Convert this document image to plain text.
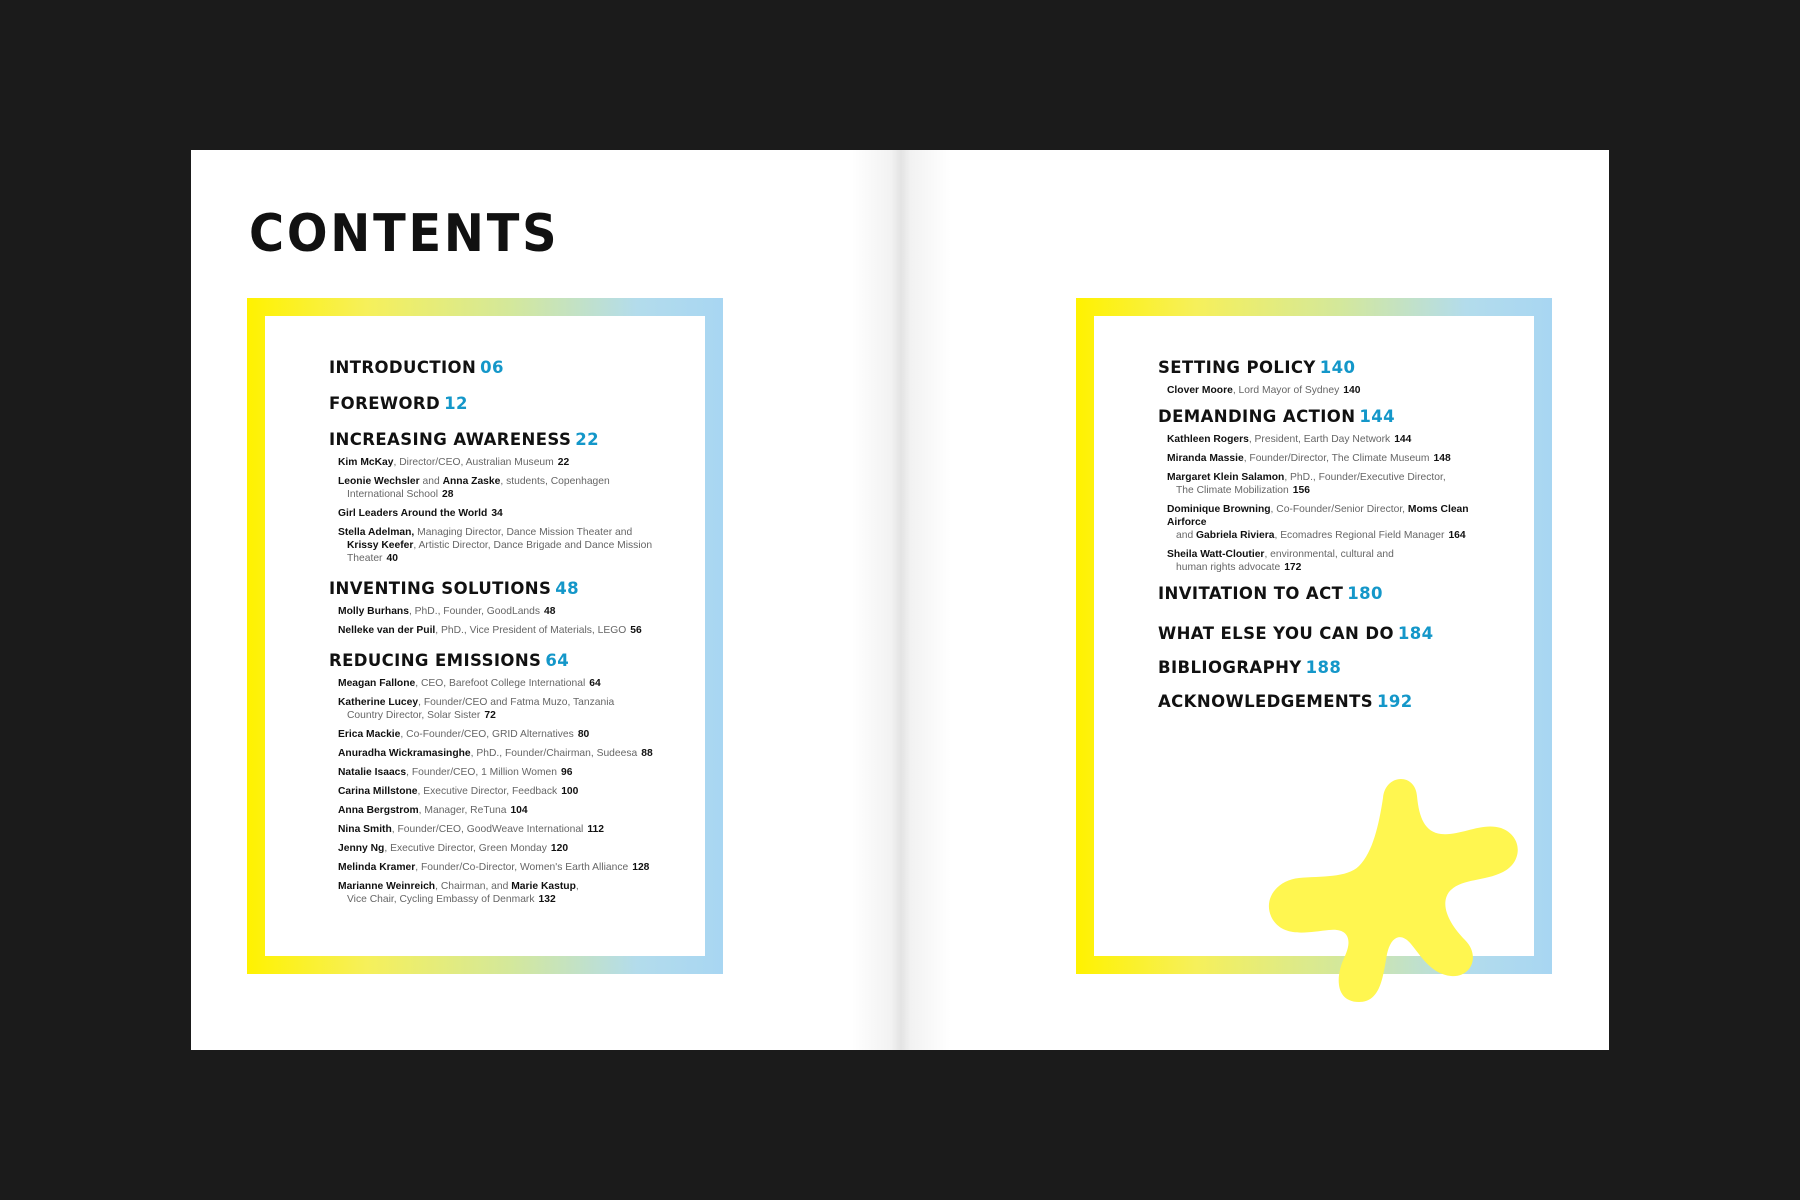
CONTENTS
INTRODUCTION 06
FOREWORD 12
INCREASING AWARENESS 22
Kim McKay, Director/CEO, Australian Museum 22
Leonie Wechsler and Anna Zaske, students, Copenhagen
International School 28
Girl Leaders Around the World 34
Stella Adelman, Managing Director, Dance Mission Theater and
Krissy Keefer, Artistic Director, Dance Brigade and Dance Mission
Theater 40
INVENTING SOLUTIONS 48
Molly Burhans, PhD., Founder, GoodLands 48
Nelleke van der Puil, PhD., Vice President of Materials, LEGO 56
REDUCING EMISSIONS 64
Meagan Fallone, CEO, Barefoot College International 64
Katherine Lucey, Founder/CEO and Fatma Muzo, Tanzania
Country Director, Solar Sister 72
Erica Mackie, Co-Founder/CEO, GRID Alternatives 80
Anuradha Wickramasinghe, PhD., Founder/Chairman, Sudeesa 88
Natalie Isaacs, Founder/CEO, 1 Million Women 96
Carina Millstone, Executive Director, Feedback 100
Anna Bergstrom, Manager, ReTuna 104
Nina Smith, Founder/CEO, GoodWeave International 112
Jenny Ng, Executive Director, Green Monday 120
Melinda Kramer, Founder/Co-Director, Women's Earth Alliance 128
Marianne Weinreich, Chairman, and Marie Kastup,
Vice Chair, Cycling Embassy of Denmark 132
SETTING POLICY 140
Clover Moore, Lord Mayor of Sydney 140
DEMANDING ACTION 144
Kathleen Rogers, President, Earth Day Network 144
Miranda Massie, Founder/Director, The Climate Museum 148
Margaret Klein Salamon, PhD., Founder/Executive Director,
The Climate Mobilization 156
Dominique Browning, Co-Founder/Senior Director, Moms Clean Airforce
and Gabriela Riviera, Ecomadres Regional Field Manager 164
Sheila Watt-Cloutier, environmental, cultural and
human rights advocate 172
INVITATION TO ACT 180
WHAT ELSE YOU CAN DO 184
BIBLIOGRAPHY 188
ACKNOWLEDGEMENTS 192
